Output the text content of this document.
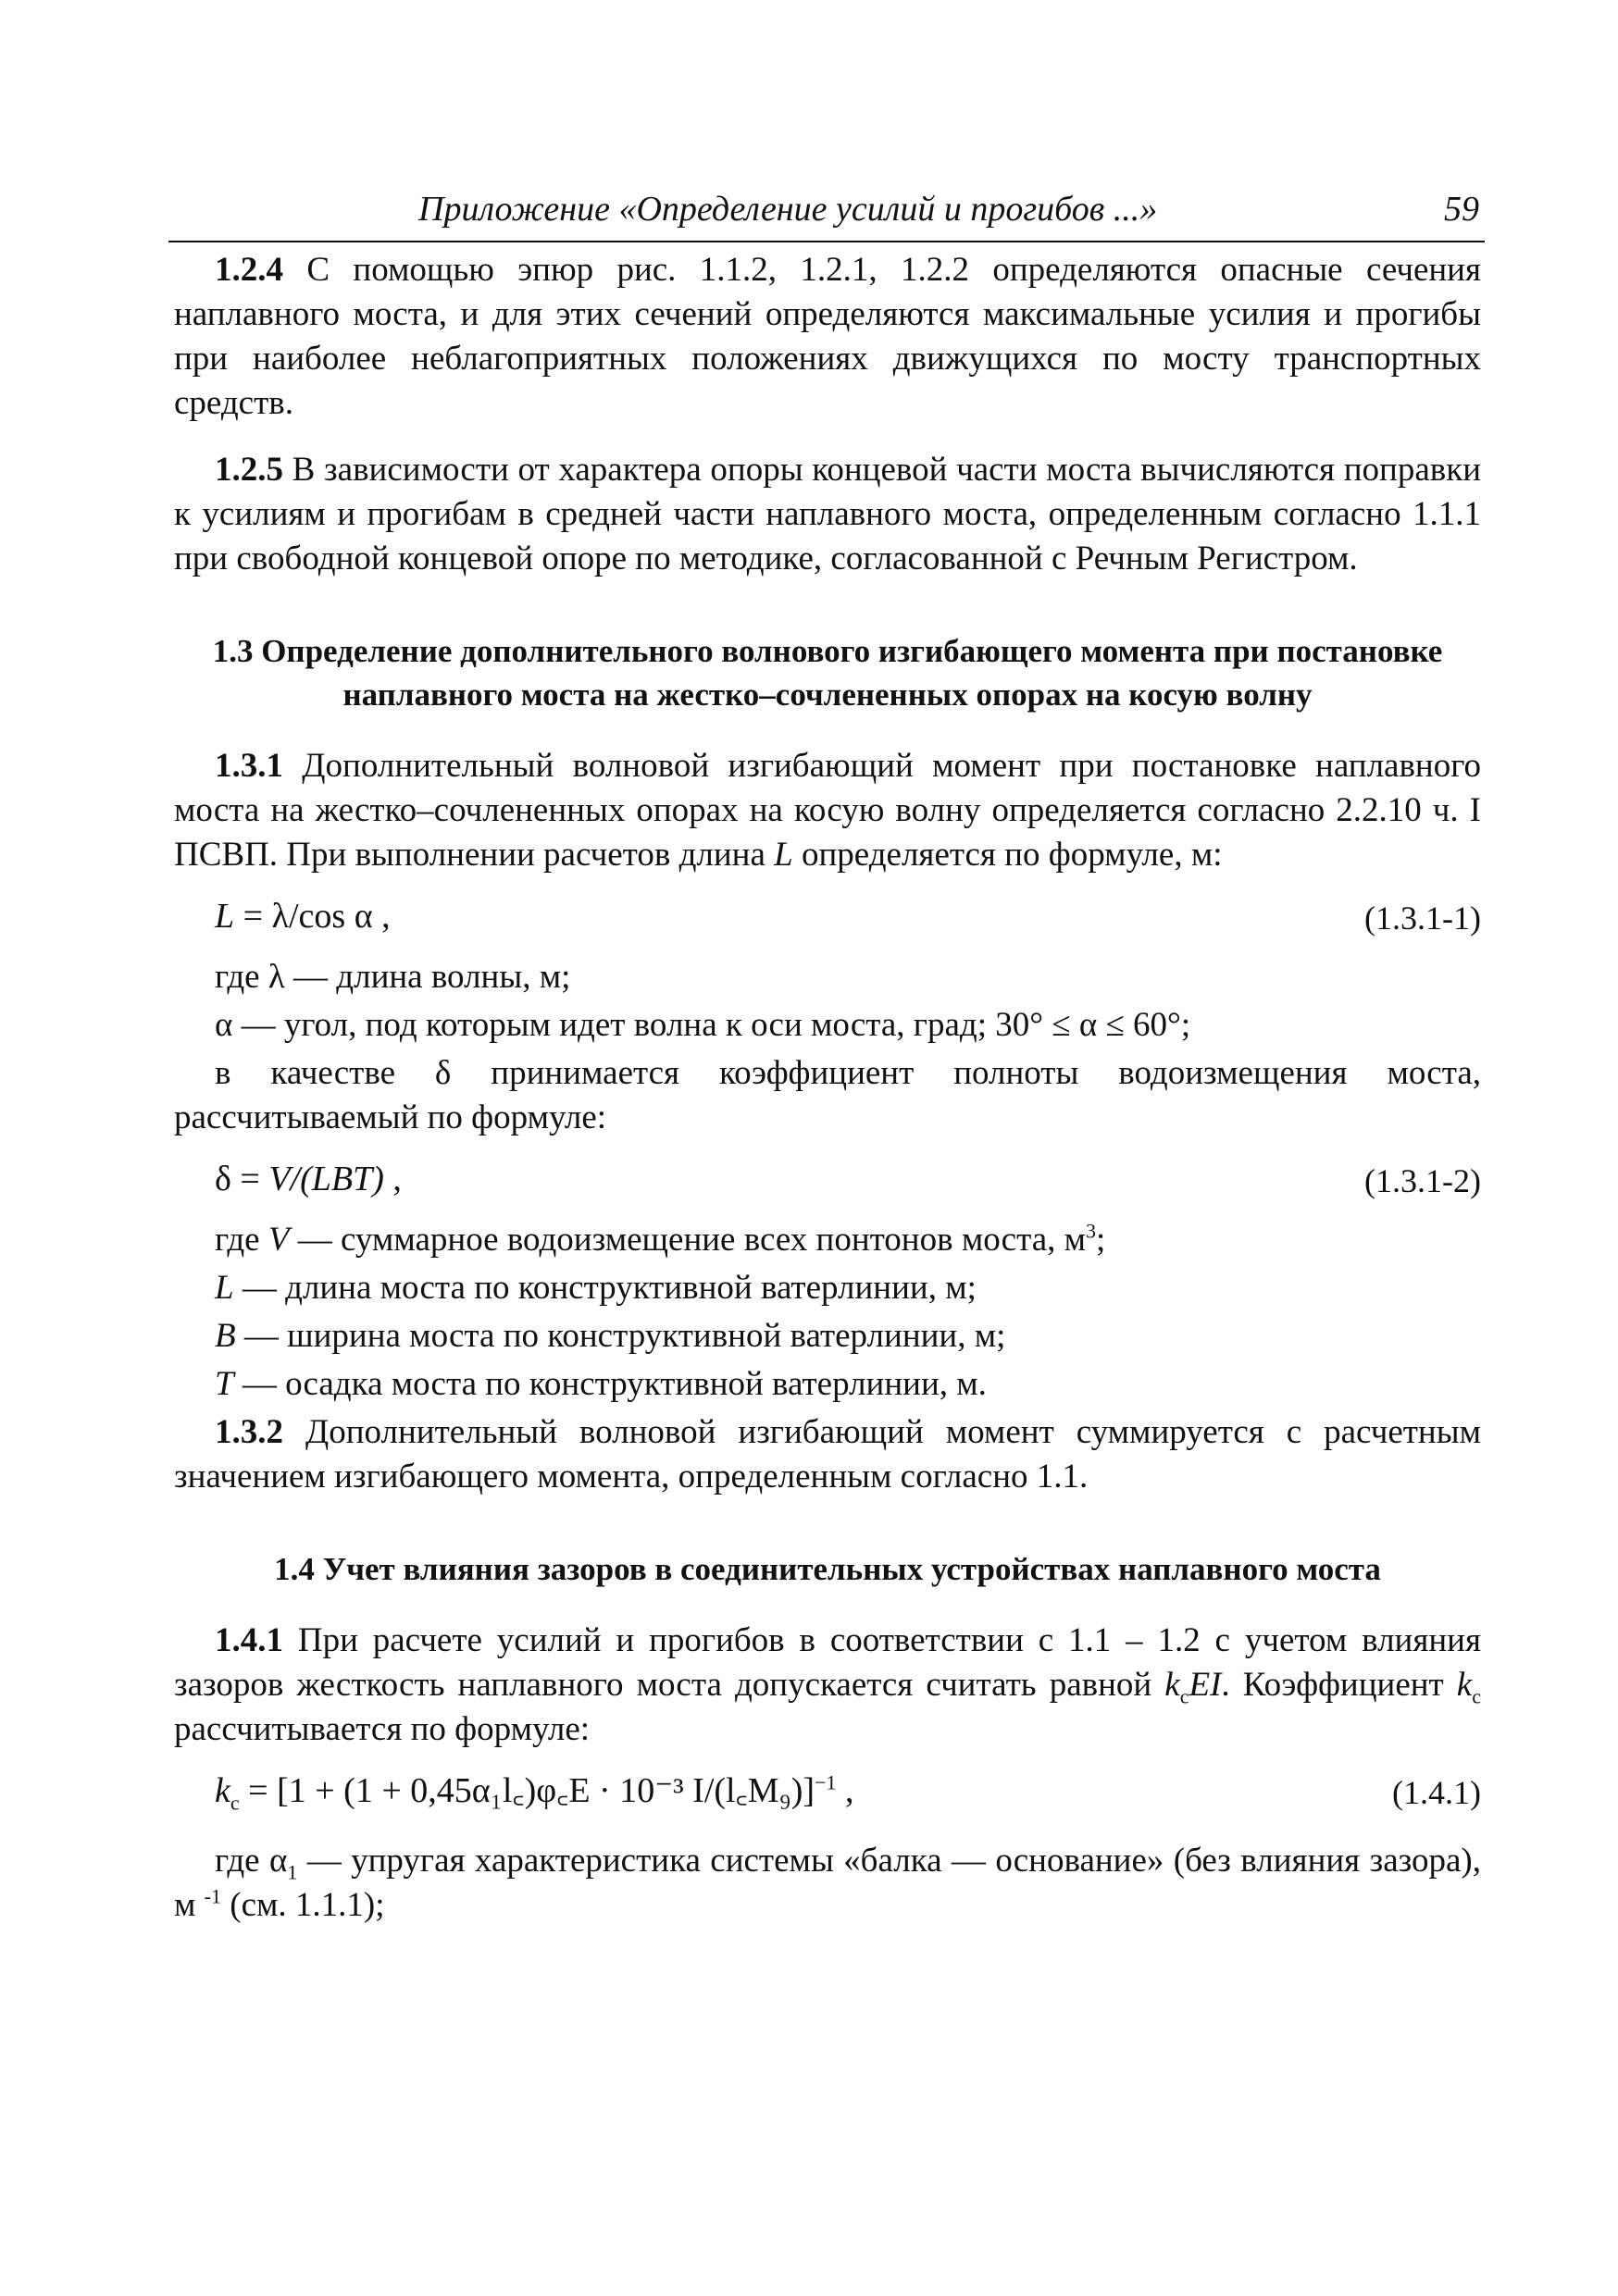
Приложение «Определение усилий и прогибов ...»	59

1.2.4 С помощью эпюр рис. 1.1.2, 1.2.1, 1.2.2 определяются опасные сечения наплавного моста, и для этих сечений определяются максимальные усилия и прогибы при наиболее неблагоприятных положениях движущихся по мосту транспортных средств.

1.2.5 В зависимости от характера опоры концевой части моста вычисляются поправки к усилиям и прогибам в средней части наплавного моста, определенным согласно 1.1.1 при свободной концевой опоре по методике, согласованной с Речным Регистром.

1.3 Определение дополнительного волнового изгибающего момента при постановке наплавного моста на жестко–сочлененных опорах на косую волну

1.3.1 Дополнительный волновой изгибающий момент при постановке наплавного моста на жестко–сочлененных опорах на косую волну определяется согласно 2.2.10 ч. I ПСВП. При выполнении расчетов длина L определяется по формуле, м:

L = λ/cos α ,	(1.3.1-1)

где λ — длина волны, м;

α — угол, под которым идет волна к оси моста, град; 30° ≤ α ≤ 60°;

в качестве δ принимается коэффициент полноты водоизмещения моста, рассчитываемый по формуле:

δ = V/(LBT) ,	(1.3.1-2)

где V — суммарное водоизмещение всех понтонов моста, $м^3$;

L — длина моста по конструктивной ватерлинии, м;

B — ширина моста по конструктивной ватерлинии, м;

T — осадка моста по конструктивной ватерлинии, м.

1.3.2 Дополнительный волновой изгибающий момент суммируется с расчетным значением изгибающего момента, определенным согласно 1.1.

1.4 Учет влияния зазоров в соединительных устройствах наплавного моста

1.4.1 При расчете усилий и прогибов в соответствии с 1.1 – 1.2 с учетом влияния зазоров жесткость наплавного моста допускается считать равной $k_cEI$. Коэффициент $k_c$ рассчитывается по формуле:

$k_c = [1 + (1$ + 0,45α₁l꜀)φ꜀E · 10⁻³ I/(l꜀M₉)]$^{-1}$ ,	(1.4.1)

где $\alpha_1$ — упругая характеристика системы «балка — основание» (без влияния зазора), м $^{-1}$ (см. 1.1.1);
